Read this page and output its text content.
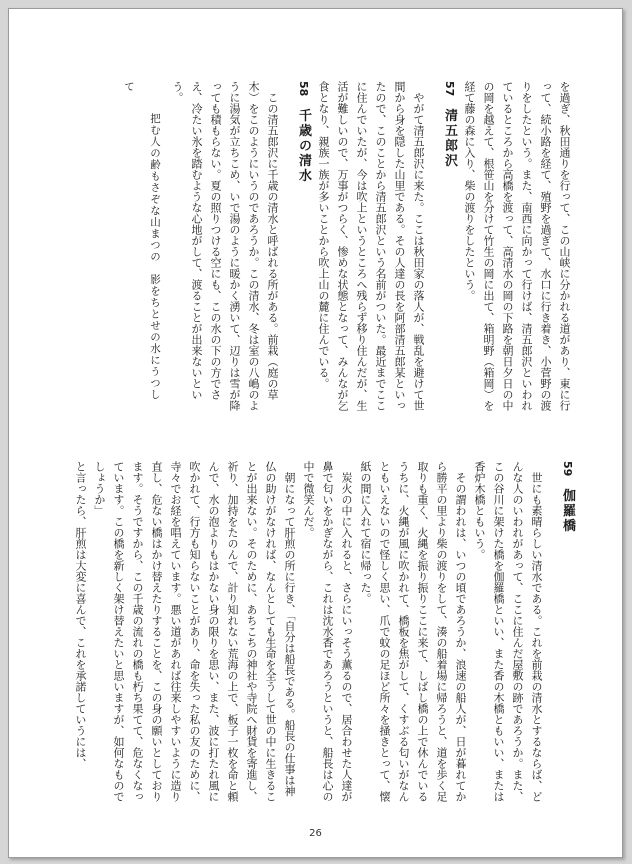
を過ぎ、秋田通りを行って、この山峡に分かれる道があり、東に行って、続小路を経て、殖野を過ぎて、水口に行き着き、小菅野の渡りをしたという。また、南西に向かって行けば、清五郎沢といわれているところから高橋を渡って、高清水の岡の下路を朝日夕日の中の岡を越えて、根笹山を分けて竹生の岡に出て、箱明野（箱岡）を経て藤の森に入り、柴の渡りをしたという。

57 清五郎沢

やがて清五郎沢に来た。ここは秋田家の落人が、戦乱を避けて世間から身を隠した山里である。その人達の長を阿部清五郎某といったので、このことから清五郎沢という名前がついた。最近までここに住んでいたが、今は吹上というところへ残らず移り住んだが、生活が難しいので、万事がつらく、惨めな状態となって、みんなが乞食となり、親族一族が多いことから吹上山の麓に住んでいる。

58 千歳の清水

この清五郎沢に千歳の清水と呼ばれる所がある。前栽（庭の草木）をこのようにいうのであろうか。この清水、冬は室の八嶋のように湯気が立ちこめ、いで湯のように暖かく湧いて、辺りは雪が降っても積もらない。夏の照りつける空にも、この水の下の方でさえ、冷たい氷を踏むような心地がして、渡ることが出来ないという。

把む人の齢もさぞな山まつの　影をちとせの水にうつして

59 伽羅橋

世にも素晴らしい清水である。これを前栽の清水とするならば、どんな人のいわれがあって、ここに住んだ屋敷の跡であろうか。また、この谷川に架けた橋を伽羅橋といい、また香の木橋ともいい、または香炉木橋ともいう。

その謂われは、いつの頃であろうか、浪速の船人が、日が暮れてから勝平の里より柴の渡りをして、湊の船着場に帰ろうと、道を歩く足取りも重く、火縄を振り振りここに来て、しばし橋の上で休んでいるうちに、火縄が風に吹かれて、橋板を焦がして、くすぶる匂いがなんともいえないので怪しく思い、爪で蚊の足ほど所々を掻きとって、懐紙の間に入れて宿に帰った。

炭火の中に入れると、さらにいっそう薫るので、居合わせた人達が鼻で匂いをかぎながら、これは沈水香であろうというと、船長は心の中で微笑んだ。

朝になって肝煎の所に行き、「自分は船長である。船長の仕事は神仏の助けがなければ、なんとしても生命を全うして世の中に生きることが出来ない。そのために、あちこちの神社や寺院へ財貨を寄進し、祈り、加持をたのんで、計り知れない荒海の上で、板子一枚を命と頼んで、水の泡よりもはかない身の限りを思い、また、波に打たれ風に吹かれて、行方も知らないことがあり、命を失った私の友のために、寺々でお経を唱えています。悪い道があれば往来しやすいように造り直し、危ない橋はかけ替えたりすることを、この身の願いとしております。そうですから、この千歳の流れの橋も朽ち果てて、危なくなっています。この橋を新しく架け替えたいと思いますが、如何なものでしょうか」

と言ったら、肝煎は大変に喜んで、これを承諾していうには、

26
